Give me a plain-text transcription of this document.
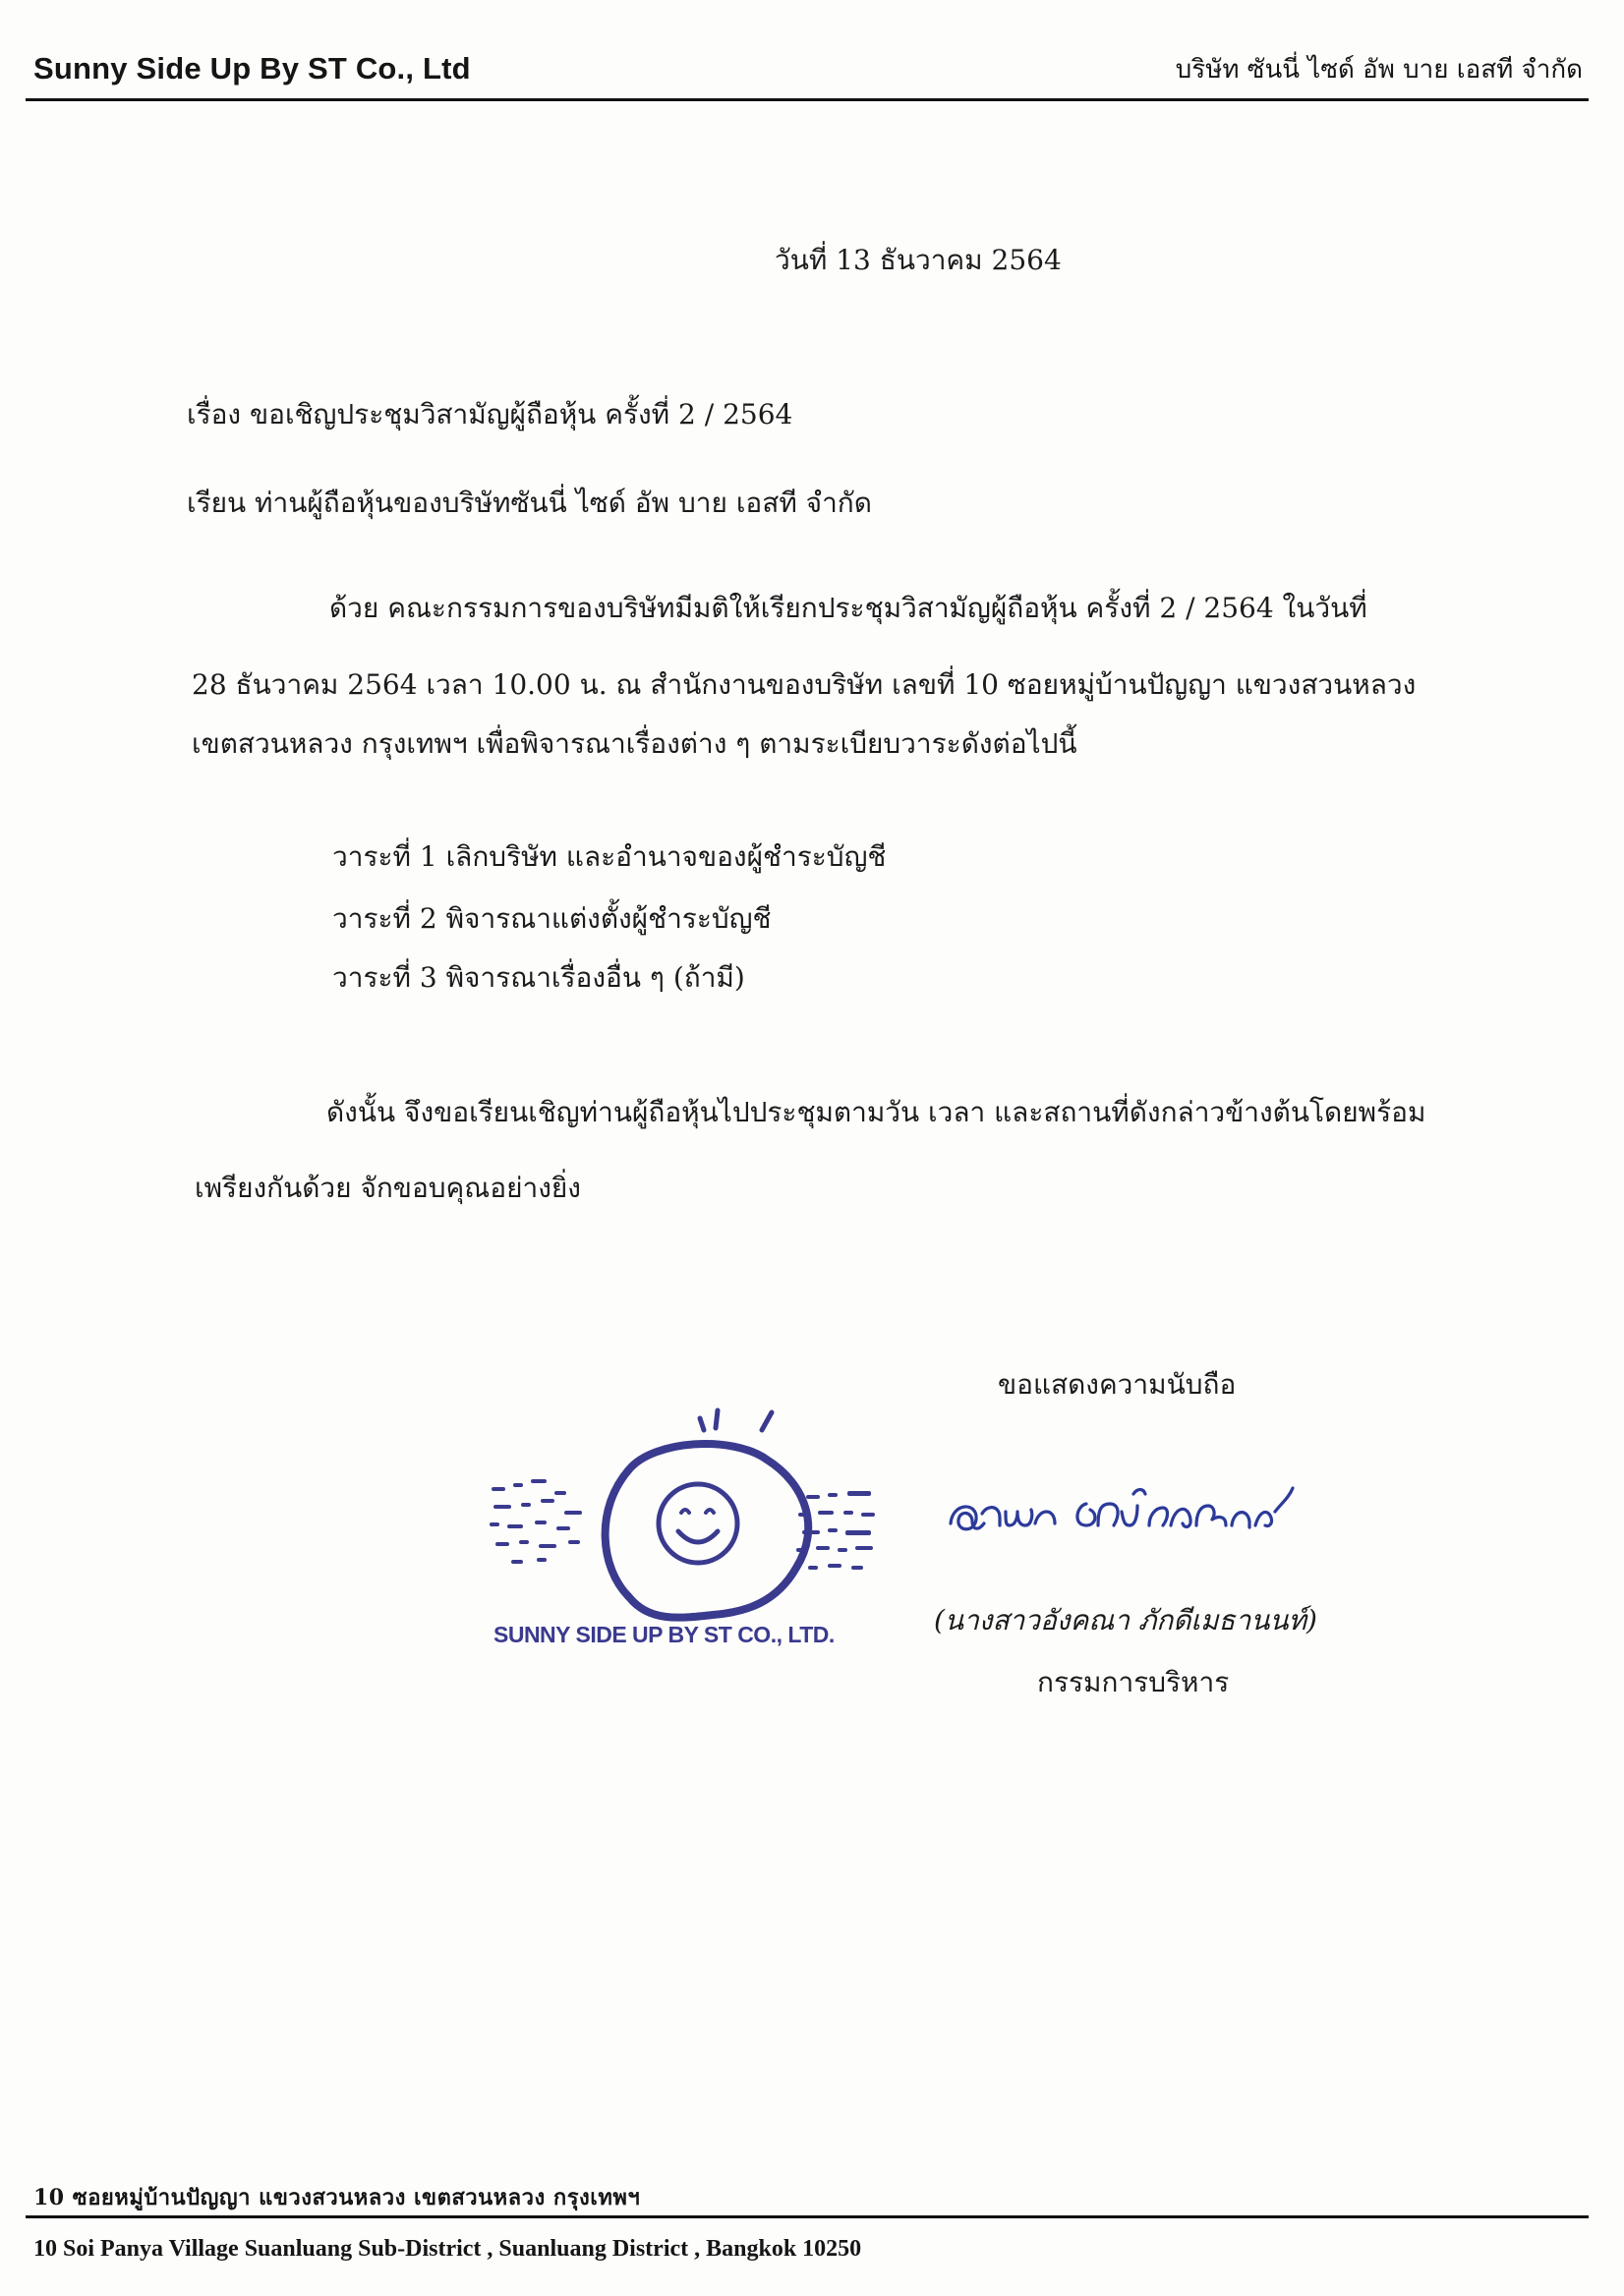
Sunny Side Up By ST Co., Ltd	บริษัท ซันนี่ ไซด์ อัพ บาย เอสที จำกัด
วันที่ 13 ธันวาคม 2564
เรื่อง ขอเชิญประชุมวิสามัญผู้ถือหุ้น ครั้งที่ 2 / 2564
เรียน ท่านผู้ถือหุ้นของบริษัทซันนี่ ไซด์ อัพ บาย เอสที จำกัด
ด้วย คณะกรรมการของบริษัทมีมติให้เรียกประชุมวิสามัญผู้ถือหุ้น ครั้งที่ 2 / 2564 ในวันที่
28 ธันวาคม 2564 เวลา 10.00 น. ณ สำนักงานของบริษัท เลขที่ 10 ซอยหมู่บ้านปัญญา แขวงสวนหลวง
เขตสวนหลวง กรุงเทพฯ เพื่อพิจารณาเรื่องต่าง ๆ ตามระเบียบวาระดังต่อไปนี้
วาระที่ 1 เลิกบริษัท และอำนาจของผู้ชำระบัญชี
วาระที่ 2 พิจารณาแต่งตั้งผู้ชำระบัญชี
วาระที่ 3 พิจารณาเรื่องอื่น ๆ (ถ้ามี)
ดังนั้น จึงขอเรียนเชิญท่านผู้ถือหุ้นไปประชุมตามวัน เวลา และสถานที่ดังกล่าวข้างต้นโดยพร้อม
เพรียงกันด้วย จักขอบคุณอย่างยิ่ง
ขอแสดงความนับถือ
SUNNY SIDE UP BY ST CO., LTD.	(นางสาวอังคณา ภักดีเมธานนท์)
กรรมการบริหาร
10 ซอยหมู่บ้านปัญญา แขวงสวนหลวง เขตสวนหลวง กรุงเทพฯ
10 Soi Panya Village Suanluang Sub-District , Suanluang District , Bangkok 10250
